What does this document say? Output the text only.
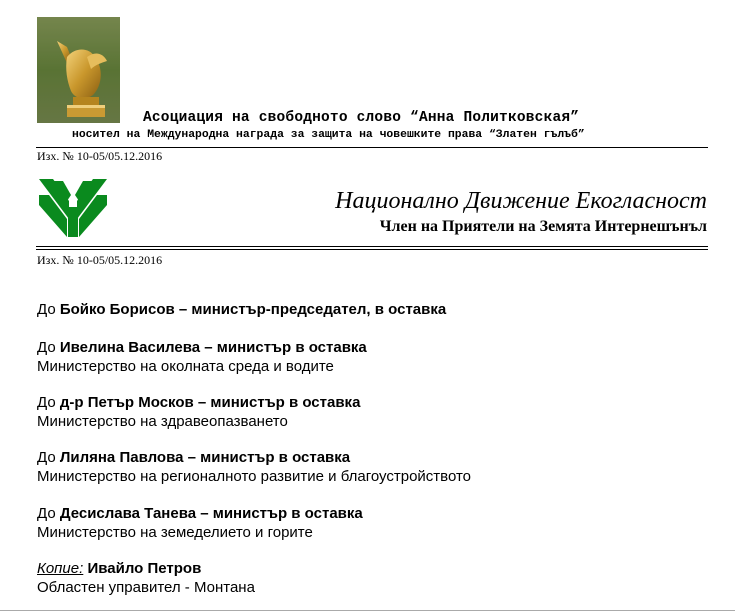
Асоциация на свободното слово “Анна Политковская”
носител на Международна награда за защита на човешките права “Златен гълъб”
Изх. № 10-05/05.12.2016
Национално Движение Екогласност
Член на Приятели на Земята Интернешънъл
Изх. № 10-05/05.12.2016
До Бойко Борисов – министър-председател, в оставка
До Ивелина Василева – министър в оставка
Министерство на околната среда и водите
До д-р Петър Москов – министър в оставка
Министерство на здравеопазването
До Лиляна Павлова – министър в оставка
Министерство на регионалното развитие и благоустройството
До Десислава Танева – министър в оставка
Министерство на земеделието и горите
Копие: Ивайло Петров
Областен управител - Монтана
